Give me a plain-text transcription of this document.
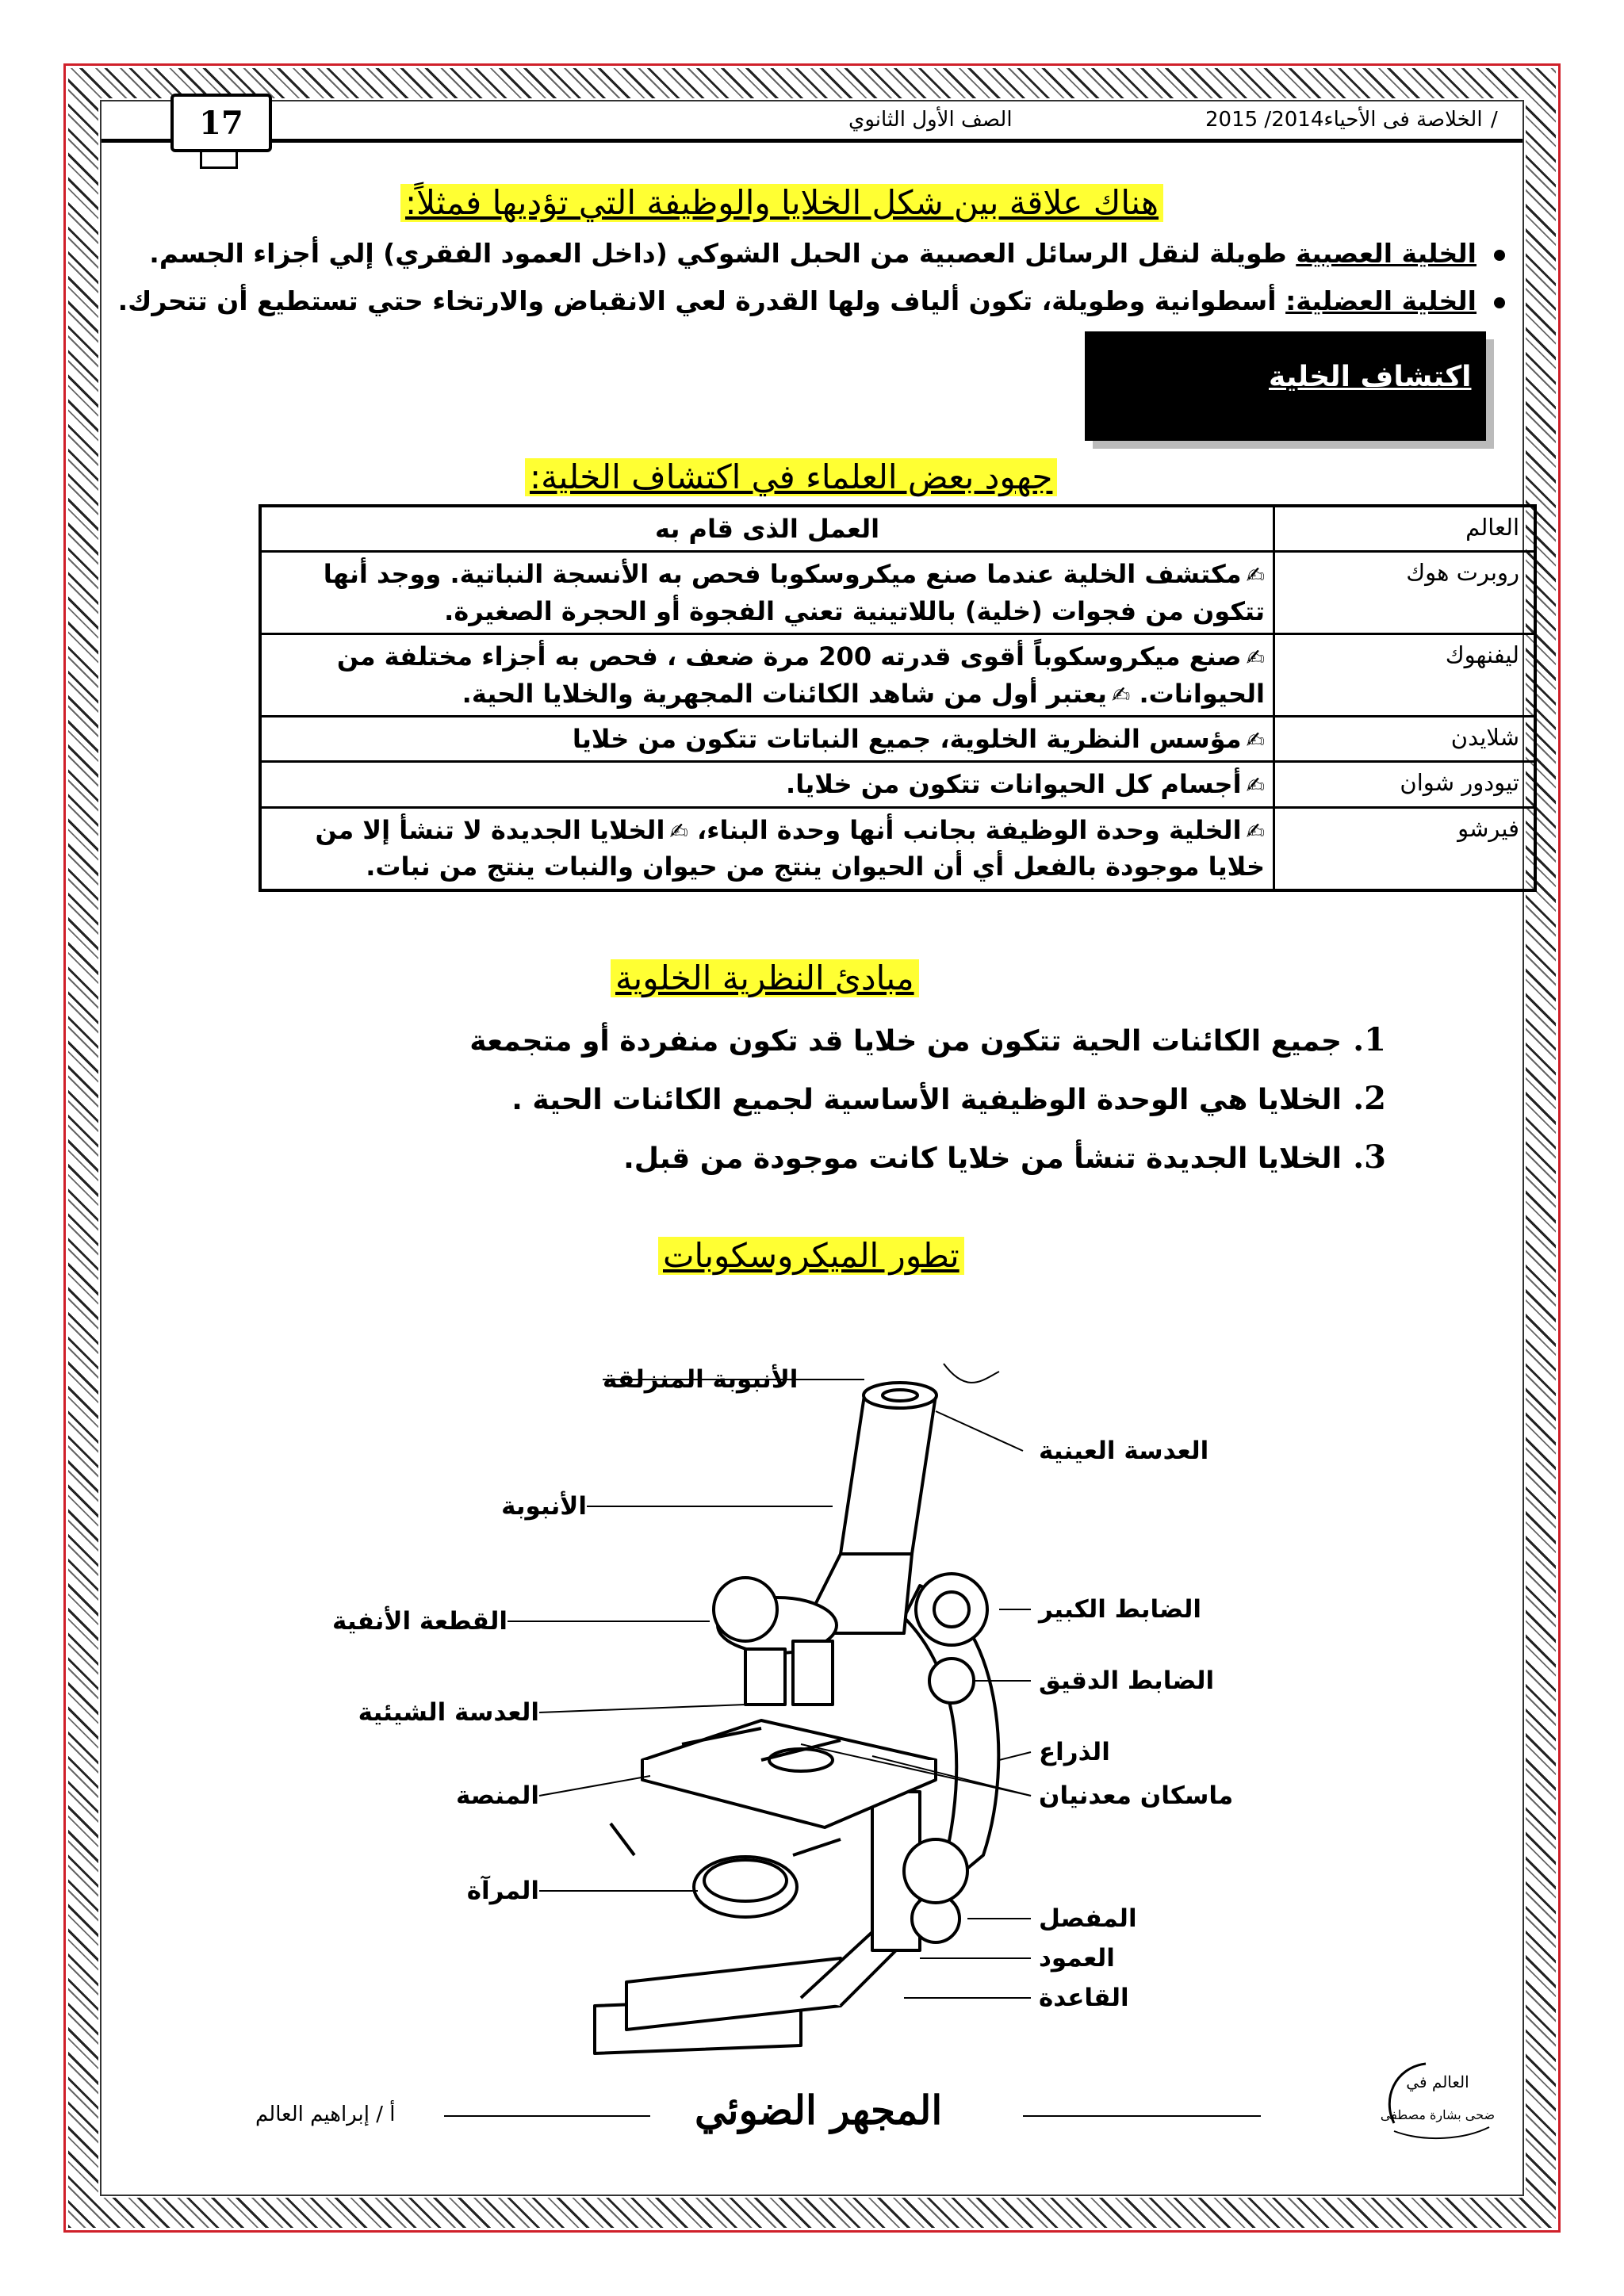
17	الصف الأول الثانوي	الخلاصة فى الأحياء2014/ 2015 /
هناك علاقة بين شكل الخلايا والوظيفة التي تؤديها فمثلاً:
الخلية العصبية طويلة لنقل الرسائل العصبية من الحبل الشوكي (داخل العمود الفقري) إلي أجزاء الجسم.
الخلية العضلية: أسطوانية وطويلة، تكون ألياف ولها القدرة لعي الانقباض والارتخاء حتي تستطيع أن تتحرك.
اكتشاف الخلية
جهود بعض العلماء في اكتشاف الخلية:
العالم	العمل الذى قام به
روبرت هوك	✍مكتشف الخلية عندما صنع ميكروسكوبا فحص به الأنسجة النباتية. ووجد أنها تتكون من فجوات (خلية) باللاتينية تعني الفجوة أو الحجرة الصغيرة.
ليفنهوك	✍صنع ميكروسكوباً أقوى قدرته 200 مرة ضعف ، فحص به أجزاء مختلفة من الحيوانات. ✍يعتبر أول من شاهد الكائنات المجهرية والخلايا الحية.
شلايدن	✍مؤسس النظرية الخلوية، جميع النباتات تتكون من خلايا
تيودور شوان	✍أجسام كل الحيوانات تتكون من خلايا.
فيرشو	✍الخلية وحدة الوظيفة بجانب أنها وحدة البناء، ✍الخلايا الجديدة لا تنشأ إلا من خلايا موجودة بالفعل أي أن الحيوان ينتج من حيوان والنبات ينتج من نبات.
مبادئ النظرية الخلوية
1.جميع الكائنات الحية تتكون من خلايا قد تكون منفردة أو متجمعة
2.الخلايا هي الوحدة الوظيفية الأساسية لجميع الكائنات الحية .
3.الخلايا الجديدة تنشأ من خلايا كانت موجودة من قبل.
تطور الميكروسكوبات
الأنبوبة المنزلقة
العدسة العينية
الأنبوبة
الضابط الكبير
القطعة الأنفية
الضابط الدقيق
العدسة الشيئية
الذراع
المنصة	ماسكان معدنيان
المرآة
المفصل
العمود
القاعدة
المجهر الضوئي
أ / إبراهيم العالم
العالم في
ضحى بشارة مصطفى
